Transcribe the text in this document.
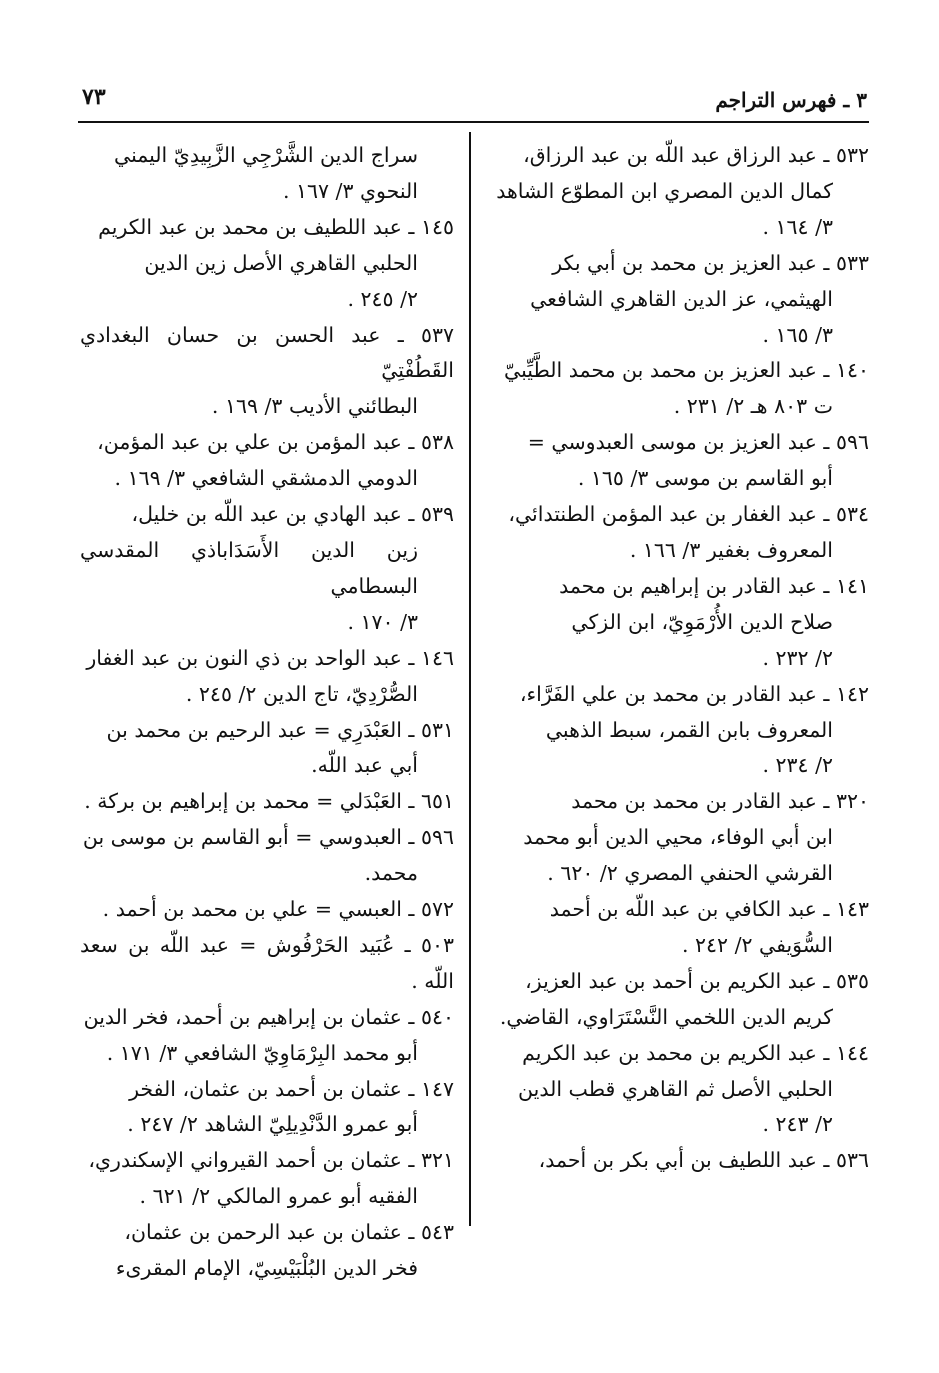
٧٣	٣ ـ فهرس التراجم
٥٣٢ ـ عبد الرزاق عبد اللّه بن عبد الرزاق،
كمال الدين المصري ابن المطوّع الشاهد
٣/ ١٦٤ .
٥٣٣ ـ عبد العزيز بن محمد بن أبي بكر
الهيثمي، عز الدين القاهري الشافعي
٣/ ١٦٥ .
١٤٠ ـ عبد العزيز بن محمد بن محمد الطَّيِّبيّ
ت ٨٠٣ هـ ٢/ ٢٣١ .
٥٩٦ ـ عبد العزيز بن موسى العبدوسي =
أبو القاسم بن موسى ٣/ ١٦٥ .
٥٣٤ ـ عبد الغفار بن عبد المؤمن الطنتدائي،
المعروف بغفير ٣/ ١٦٦ .
١٤١ ـ عبد القادر بن إبراهيم بن محمد
صلاح الدين الأُرْمَوِيّ، ابن الزكي
٢/ ٢٣٢ .
١٤٢ ـ عبد القادر بن محمد بن علي الفَرَّاء،
المعروف بابن القمر، سبط الذهبي
٢/ ٢٣٤ .
٣٢٠ ـ عبد القادر بن محمد بن محمد
ابن أبي الوفاء، محيي الدين أبو محمد
القرشي الحنفي المصري ٢/ ٦٢٠ .
١٤٣ ـ عبد الكافي بن عبد اللّه بن أحمد
السُّوَيفي ٢/ ٢٤٢ .
٥٣٥ ـ عبد الكريم بن أحمد بن عبد العزيز،
كريم الدين اللخمي النَّسْتَرَاوي، القاضي.
١٤٤ ـ عبد الكريم بن محمد بن عبد الكريم
الحلبي الأصل ثم القاهري قطب الدين
٢/ ٢٤٣ .
٥٣٦ ـ عبد اللطيف بن أبي بكر بن أحمد،
سراج الدين الشَّرْجِي الزَّبِيدِيّ اليمني
النحوي ٣/ ١٦٧ .
١٤٥ ـ عبد اللطيف بن محمد بن عبد الكريم
الحلبي القاهري الأصل زين الدين
٢/ ٢٤٥ .
٥٣٧ ـ عبد الحسن بن حسان البغدادي القَطُفْتِيّ
البطائني الأديب ٣/ ١٦٩ .
٥٣٨ ـ عبد المؤمن بن علي بن عبد المؤمن،
الدومي الدمشقي الشافعي ٣/ ١٦٩ .
٥٣٩ ـ عبد الهادي بن عبد اللّه بن خليل،
زين الدين الأَسَدَاباذي المقدسي البسطامي
٣/ ١٧٠ .
١٤٦ ـ عبد الواحد بن ذي النون بن عبد الغفار
الصُّرْدِيّ، تاج الدين ٢/ ٢٤٥ .
٥٣١ ـ العَبْدَرِي = عبد الرحيم بن محمد بن
أبي عبد اللّه.
٦٥١ ـ العَبْدَلي = محمد بن إبراهيم بن بركة .
٥٩٦ ـ العبدوسي = أبو القاسم بن موسى بن
محمد.
٥٧٢ ـ العبسي = علي بن محمد بن أحمد .
٥٠٣ ـ عُبَيد الحَرْفُوش = عبد اللّه بن سعد اللّه .
٥٤٠ ـ عثمان بن إبراهيم بن أحمد، فخر الدين
أبو محمد البِرْمَاوِيّ الشافعي ٣/ ١٧١ .
١٤٧ ـ عثمان بن أحمد بن عثمان، الفخر
أبو عمرو الدَّنْدِيلِيّ الشاهد ٢/ ٢٤٧ .
٣٢١ ـ عثمان بن أحمد القيرواني الإسكندري،
الفقيه أبو عمرو المالكي ٢/ ٦٢١ .
٥٤٣ ـ عثمان بن عبد الرحمن بن عثمان،
فخر الدين البُلْبَيْسِيّ، الإمام المقرىء
